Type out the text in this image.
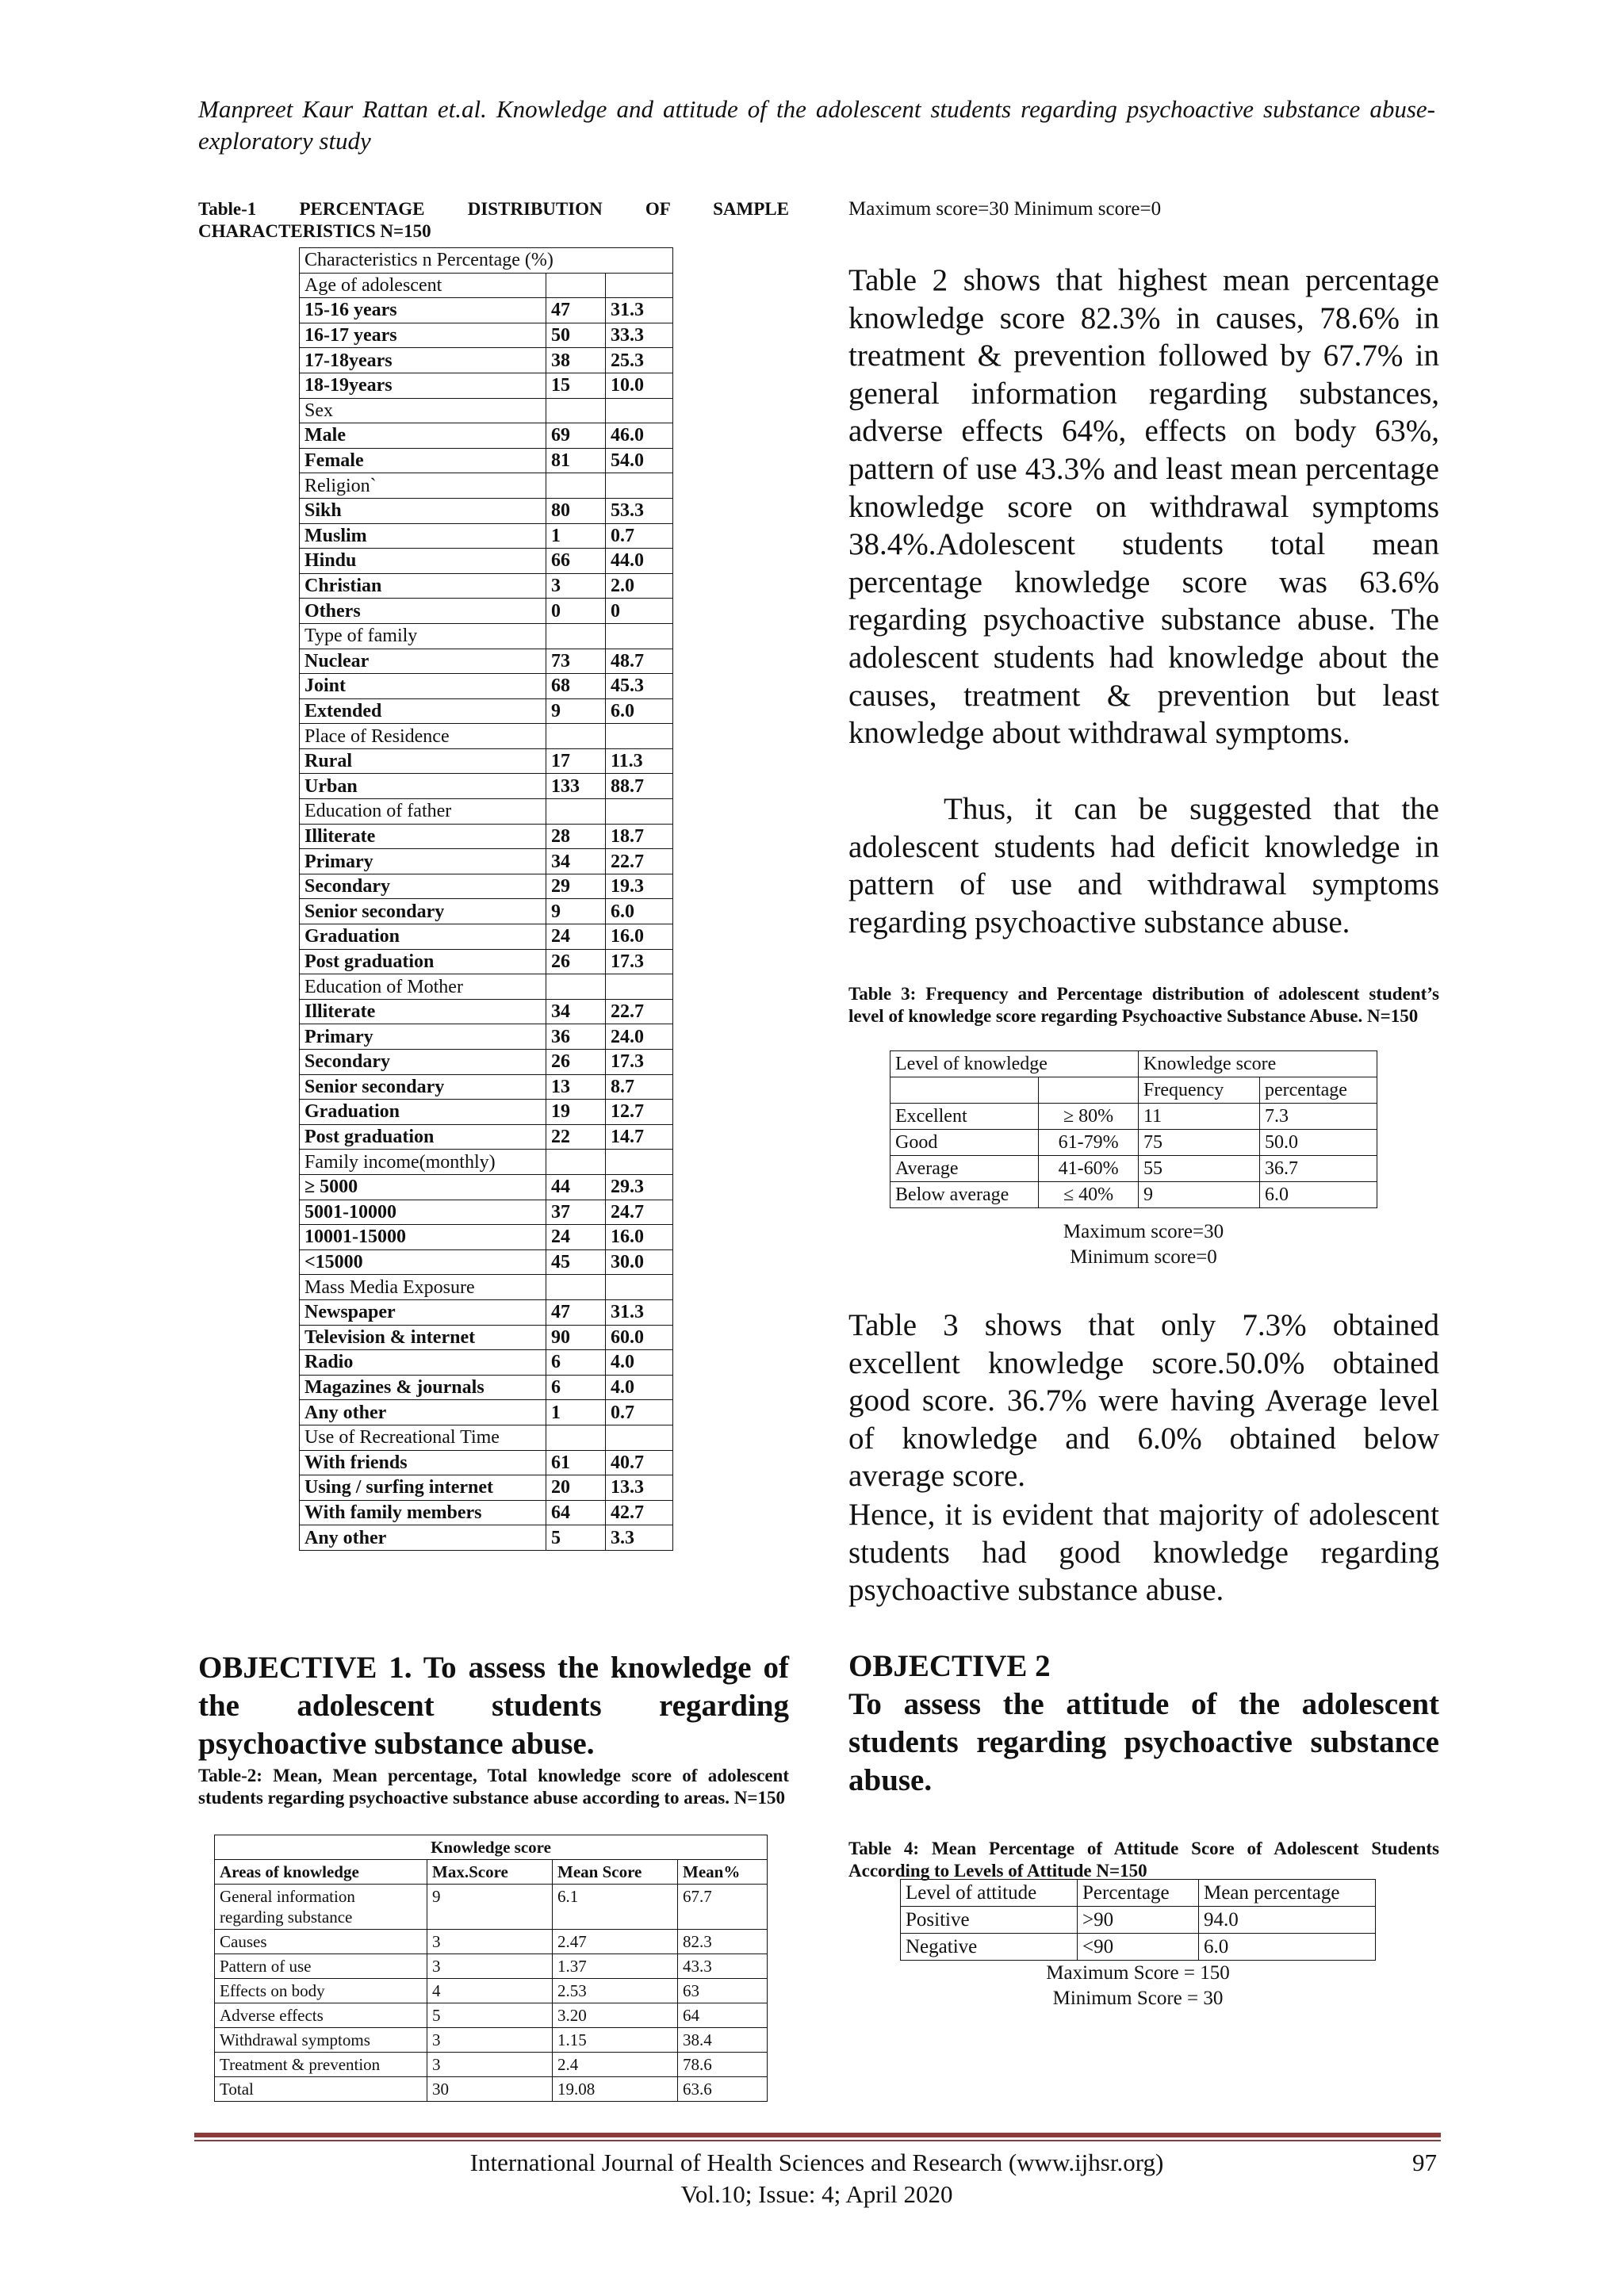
Manpreet Kaur Rattan et.al. Knowledge and attitude of the adolescent students regarding psychoactive substance abuse-exploratory study
Table-1 PERCENTAGE DISTRIBUTION OF SAMPLE CHARACTERISTICS N=150
Characteristics n Percentage (%)		
Age of adolescent		
15-16 years	47	31.3
16-17 years	50	33.3
17-18years	38	25.3
18-19years	15	10.0
Sex		
Male	69	46.0
Female	81	54.0
Religion`		
Sikh	80	53.3
Muslim	1	0.7
Hindu	66	44.0
Christian	3	2.0
Others	0	0
Type of family		
Nuclear	73	48.7
Joint	68	45.3
Extended	9	6.0
Place of Residence		
Rural	17	11.3
Urban	133	88.7
Education of father		
Illiterate	28	18.7
Primary	34	22.7
Secondary	29	19.3
Senior secondary	9	6.0
Graduation	24	16.0
Post graduation	26	17.3
Education of Mother		
Illiterate	34	22.7
Primary	36	24.0
Secondary	26	17.3
Senior secondary	13	8.7
Graduation	19	12.7
Post graduation	22	14.7
Family income(monthly)		
≥ 5000	44	29.3
5001-10000	37	24.7
10001-15000	24	16.0
<15000	45	30.0
Mass Media Exposure		
Newspaper	47	31.3
Television & internet	90	60.0
Radio	6	4.0
Magazines & journals	6	4.0
Any other	1	0.7
Use of Recreational Time		
With friends	61	40.7
Using / surfing internet	20	13.3
With family members	64	42.7
Any other	5	3.3
OBJECTIVE 1. To assess the knowledge of the adolescent students regarding psychoactive substance abuse.
Table-2: Mean, Mean percentage, Total knowledge score of adolescent students regarding psychoactive substance abuse according to areas. N=150
Knowledge score			
Areas of knowledge	Max.Score	Mean Score	Mean%
General information regarding substance	9	6.1	67.7
Causes	3	2.47	82.3
Pattern of use	3	1.37	43.3
Effects on body	4	2.53	63
Adverse effects	5	3.20	64
Withdrawal symptoms	3	1.15	38.4
Treatment & prevention	3	2.4	78.6
Total	30	19.08	63.6
Maximum score=30 Minimum score=0
Table 2 shows that highest mean percentage knowledge score 82.3% in causes, 78.6% in treatment & prevention followed by 67.7% in general information regarding substances, adverse effects 64%, effects on body 63%, pattern of use 43.3% and least mean percentage knowledge score on withdrawal symptoms 38.4%.Adolescent students total mean percentage knowledge score was 63.6% regarding psychoactive substance abuse. The adolescent students had knowledge about the causes, treatment & prevention but least knowledge about withdrawal symptoms.
Thus, it can be suggested that the adolescent students had deficit knowledge in pattern of use and withdrawal symptoms regarding psychoactive substance abuse.
Table 3: Frequency and Percentage distribution of adolescent student’s level of knowledge score regarding Psychoactive Substance Abuse. N=150
Level of knowledge		Knowledge score	
		Frequency	percentage
Excellent	≥ 80%	11	7.3
Good	61-79%	75	50.0
Average	41-60%	55	36.7
Below average	≤ 40%	9	6.0
Maximum score=30
Minimum score=0
Table 3 shows that only 7.3% obtained excellent knowledge score.50.0% obtained good score. 36.7% were having Average level of knowledge and 6.0% obtained below average score.
Hence, it is evident that majority of adolescent students had good knowledge regarding psychoactive substance abuse.
OBJECTIVE 2
To assess the attitude of the adolescent students regarding psychoactive substance abuse.
Table 4: Mean Percentage of Attitude Score of Adolescent Students According to Levels of Attitude N=150
Level of attitude	Percentage	Mean percentage
Positive	>90	94.0
Negative	<90	6.0
Maximum Score = 150
Minimum Score = 30
International Journal of Health Sciences and Research (www.ijhsr.org)
Vol.10; Issue: 4; April 2020
97
